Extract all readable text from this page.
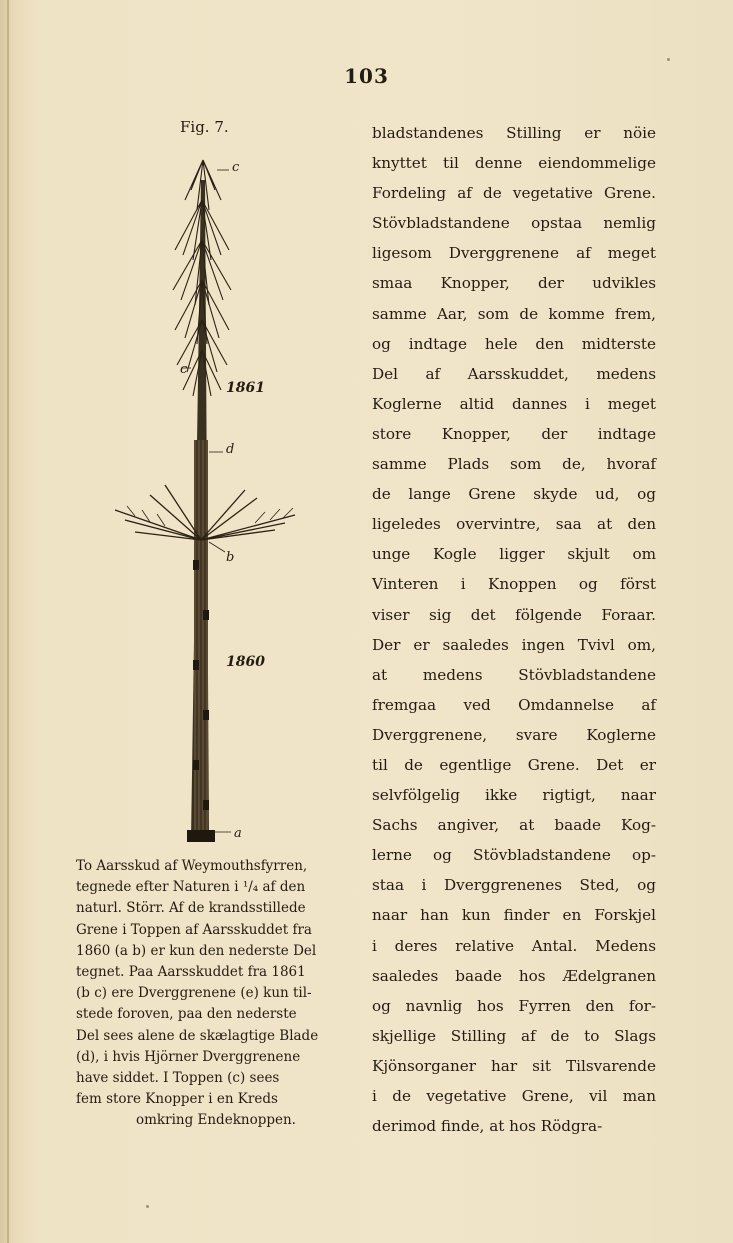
103
Fig. 7.
c
c
1861
d
b
1860
a
To Aarsskud af Weymouthsfyrren,
tegnede efter Naturen i ¹/₄ af den
naturl. Störr. Af de krandsstillede
Grene i Toppen af Aarsskuddet fra
1860 (a b) er kun den nederste Del
tegnet. Paa Aarsskuddet fra 1861
(b c) ere Dverggrenene (e) kun til-
stede foroven, paa den nederste
Del sees alene de skælagtige Blade
(d), i hvis Hjörner Dverggrenene
have siddet. I Toppen (c) sees
fem store Knopper i en Kreds
omkring Endeknoppen.
bladstandenes Stilling er nöie
knyttet til denne eiendommelige
Fordeling af de vegetative Grene.
Stövbladstandene opstaa nemlig
ligesom Dverggrenene af meget
smaa Knopper, der udvikles
samme Aar, som de komme frem,
og indtage hele den midterste
Del af Aarsskuddet, medens
Koglerne altid dannes i meget
store Knopper, der indtage
samme Plads som de, hvoraf
de lange Grene skyde ud, og
ligeledes overvintre, saa at den
unge Kogle ligger skjult om
Vinteren i Knoppen og först
viser sig det fölgende Foraar.
Der er saaledes ingen Tvivl om,
at medens Stövbladstandene
fremgaa ved Omdannelse af
Dverggrenene, svare Koglerne
til de egentlige Grene. Det er
selvfölgelig ikke rigtigt, naar
Sachs angiver, at baade Kog-
lerne og Stövbladstandene op-
staa i Dverggrenenes Sted, og
naar han kun finder en Forskjel
i deres relative Antal. Medens
saaledes baade hos Ædelgranen
og navnlig hos Fyrren den for-
skjellige Stilling af de to Slags
Kjönsorganer har sit Tilsvarende
i de vegetative Grene, vil man
derimod finde, at hos Rödgra-
